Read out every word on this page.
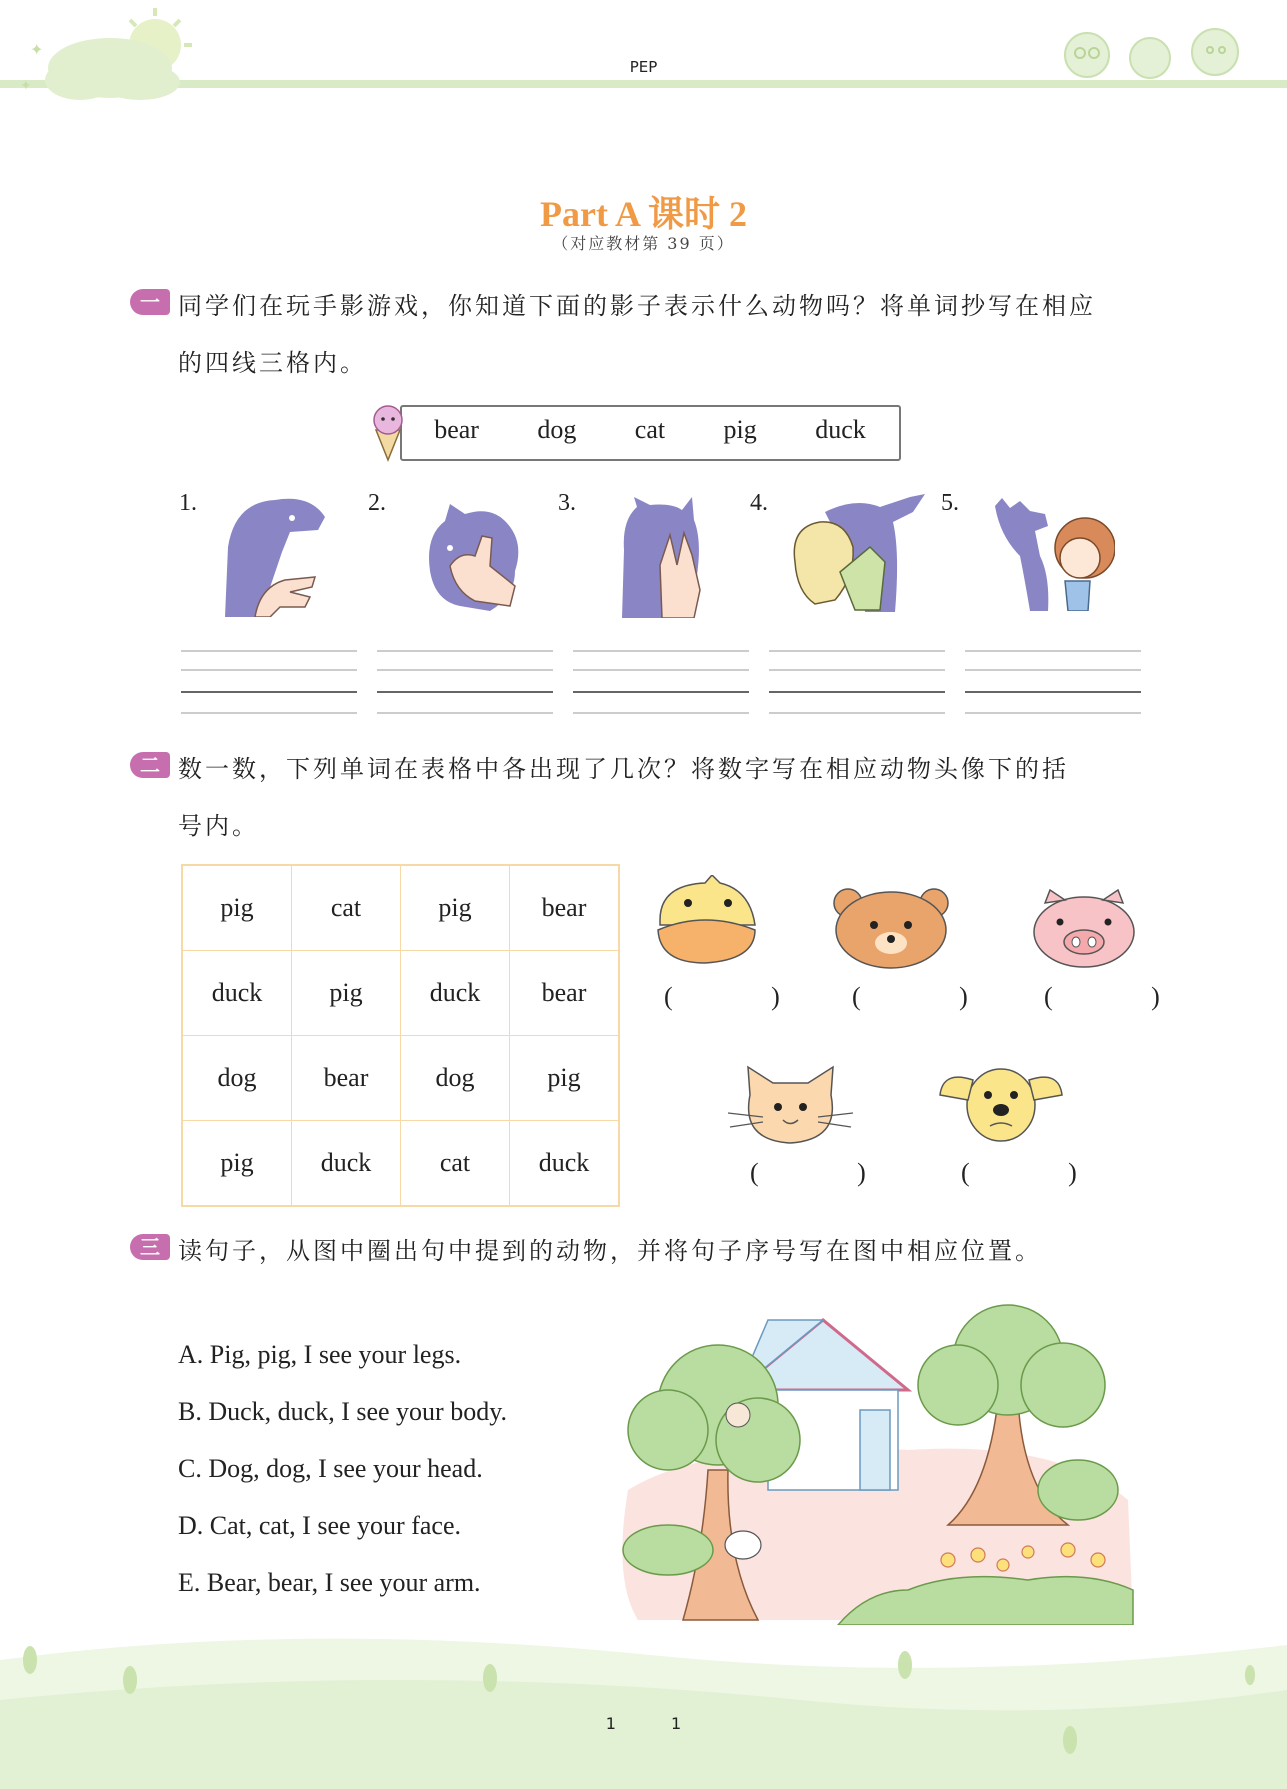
✦
✦
PEP
Part A 课时 2
（对应教材第 39 页）
一 同学们在玩手影游戏，你知道下面的影子表示什么动物吗？将单词抄写在相应
的四线三格内。
bear dog cat pig duck
1.	2.	3.	4.	5.
二 数一数，下列单词在表格中各出现了几次？将数字写在相应动物头像下的括
号内。
pig	cat	pig	bear
duck	pig	duck	bear
dog	bear	dog	pig
pig	duck	cat	duck
( ) ( ) ( )
( ) ( )
三 读句子，从图中圈出句中提到的动物，并将句子序号写在图中相应位置。
A. Pig, pig, I see your legs.
B. Duck, duck, I see your body.
C. Dog, dog, I see your head.
D. Cat, cat, I see your face.
E. Bear, bear, I see your arm.
1 1
